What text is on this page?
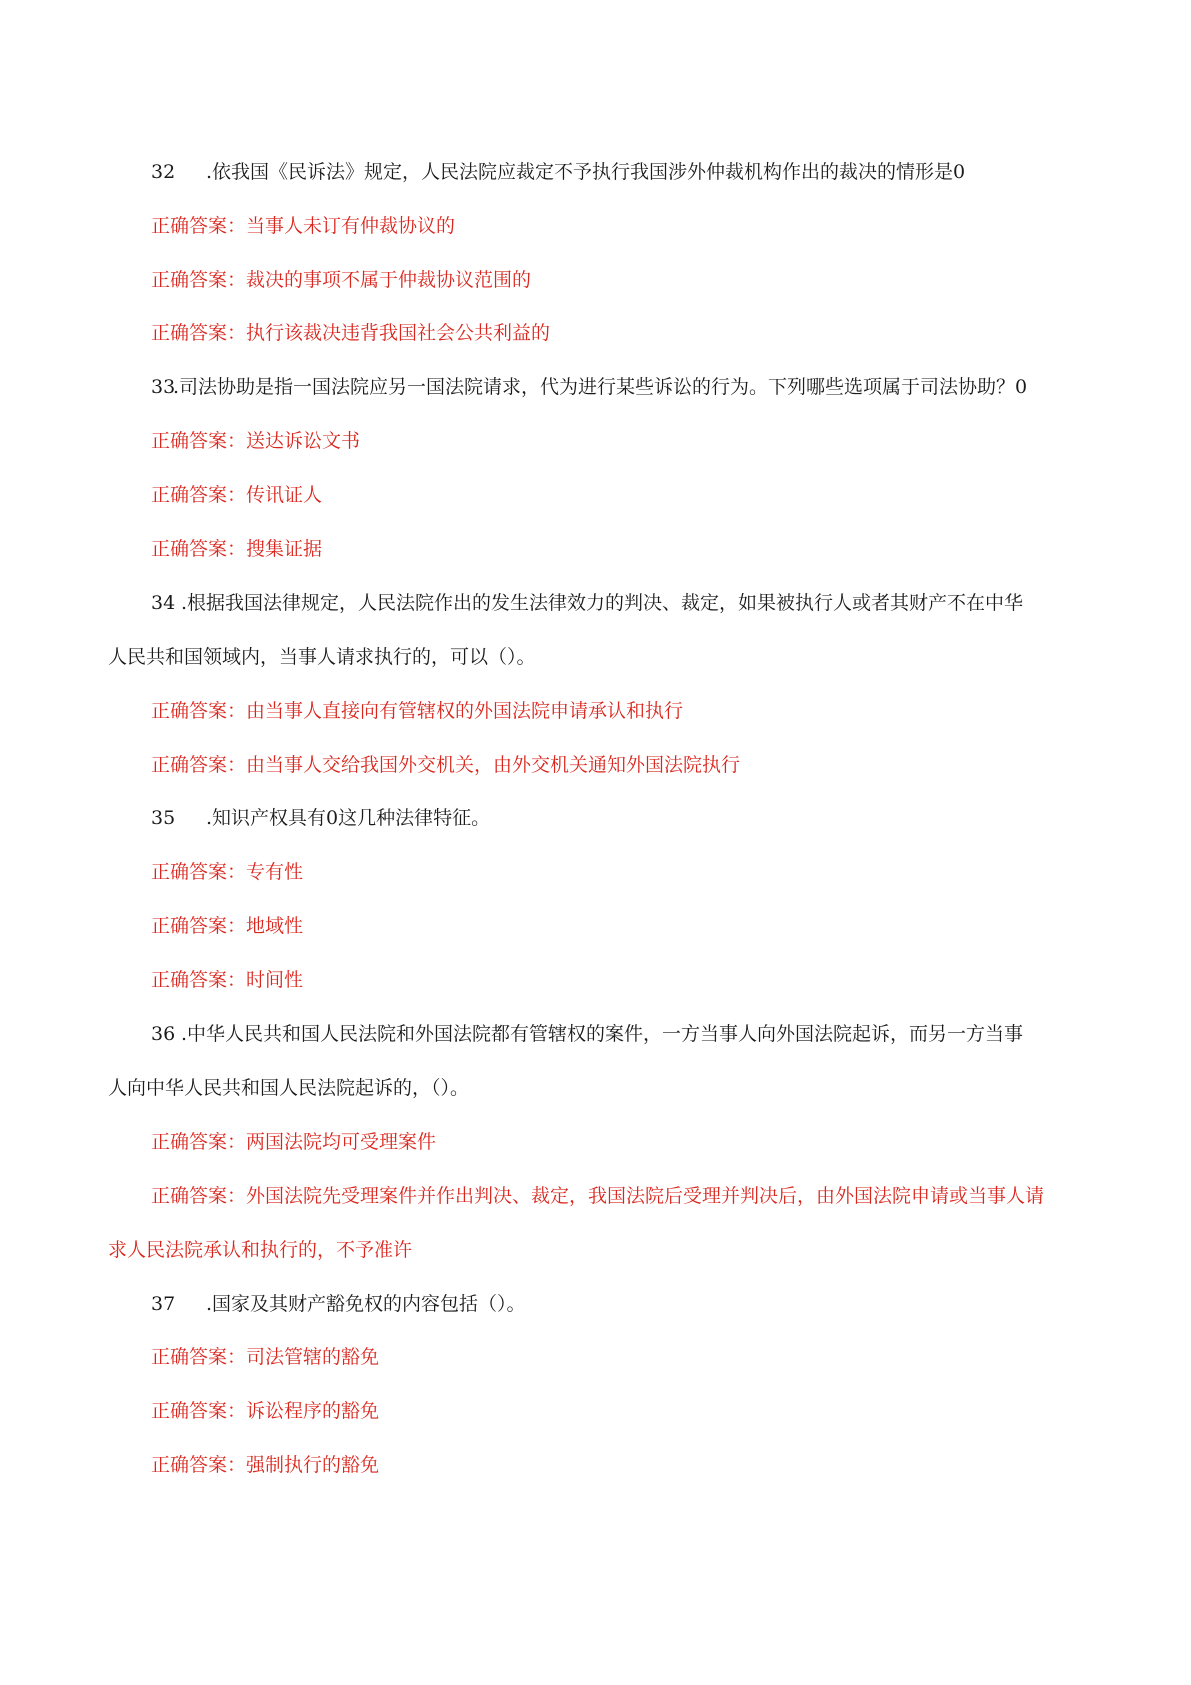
32 .依我国《民诉法》规定，人民法院应裁定不予执行我国涉外仲裁机构作出的裁决的情形是0
正确答案：当事人未订有仲裁协议的
正确答案：裁决的事项不属于仲裁协议范围的
正确答案：执行该裁决违背我国社会公共利益的
33.司法协助是指一国法院应另一国法院请求，代为进行某些诉讼的行为。下列哪些选项属于司法协助？0
正确答案：送达诉讼文书
正确答案：传讯证人
正确答案：搜集证据
34 .根据我国法律规定，人民法院作出的发生法律效力的判决、裁定，如果被执行人或者其财产不在中华
人民共和国领域内，当事人请求执行的，可以（）。
正确答案：由当事人直接向有管辖权的外国法院申请承认和执行
正确答案：由当事人交给我国外交机关，由外交机关通知外国法院执行
35 .知识产权具有0这几种法律特征。
正确答案：专有性
正确答案：地域性
正确答案：时间性
36 .中华人民共和国人民法院和外国法院都有管辖权的案件，一方当事人向外国法院起诉，而另一方当事
人向中华人民共和国人民法院起诉的，（）。
正确答案：两国法院均可受理案件
正确答案：外国法院先受理案件并作出判决、裁定，我国法院后受理并判决后，由外国法院申请或当事人请
求人民法院承认和执行的，不予准许
37 .国家及其财产豁免权的内容包括（）。
正确答案：司法管辖的豁免
正确答案：诉讼程序的豁免
正确答案：强制执行的豁免
